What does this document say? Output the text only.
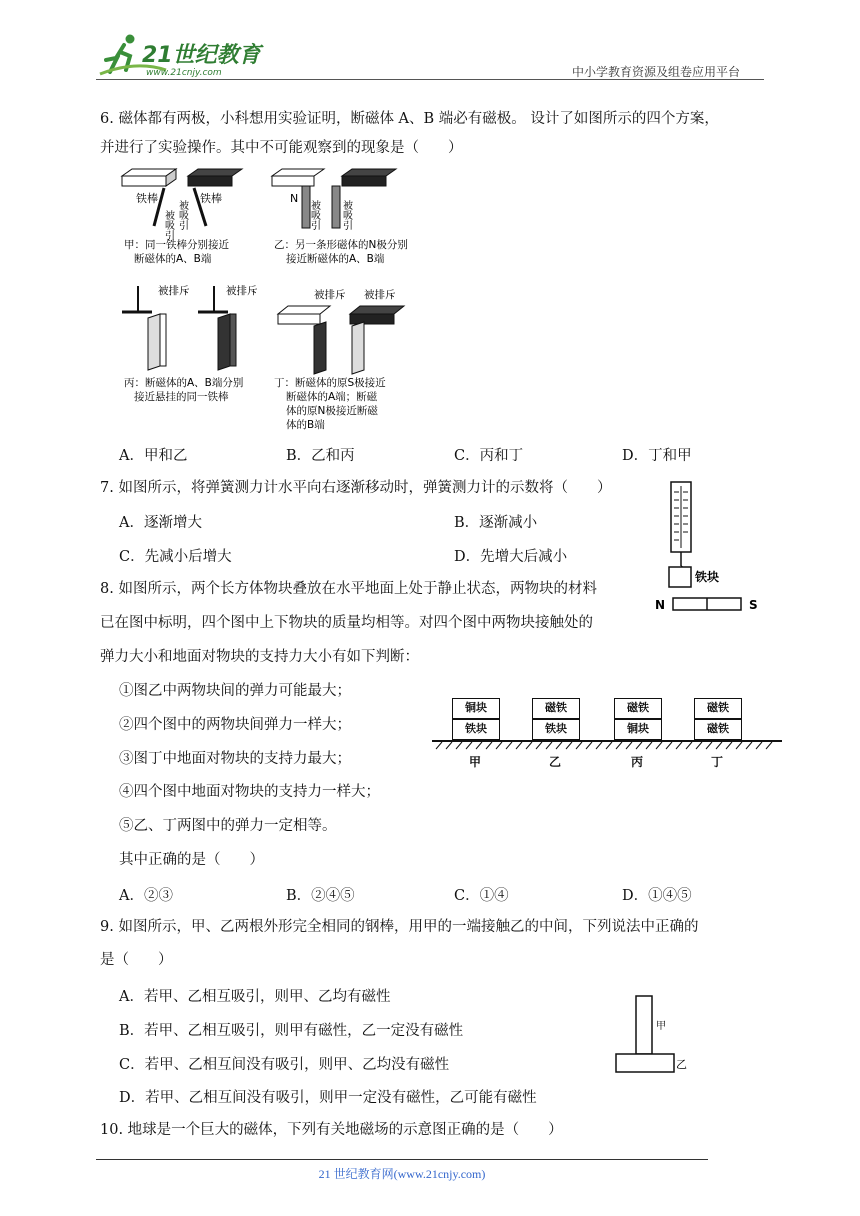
21世纪教育
www.21cnjy.com	中小学教育资源及组卷应用平台
6. 磁体都有两极，小科想用实验证明，断磁体 A、B 端必有磁极。 设计了如图所示的四个方案，
并进行了实验操作。其中不可能观察到的现象是（　　）
铁棒	铁棒
被吸引 被吸引
甲：同一铁棒分别接近
断磁体的A、B端
N
被吸引 被吸引
乙：另一条形磁体的N极分别
接近断磁体的A、B端
被排斥	被排斥
丙：断磁体的A、B端分别
接近悬挂的同一铁棒
被排斥 被排斥
丁：断磁体的原S极接近
断磁体的A端；断磁
体的原N极接近断磁
体的B端
A．甲和乙	B．乙和丙	C．丙和丁	D．丁和甲
7. 如图所示，将弹簧测力计水平向右逐渐移动时，弹簧测力计的示数将（　　）
A．逐渐增大	B．逐渐减小
C．先减小后增大	D．先增大后减小
铁块
N	S
8. 如图所示，两个长方体物块叠放在水平地面上处于静止状态，两物块的材料
已在图中标明，四个图中上下物块的质量均相等。对四个图中两物块接触处的
弹力大小和地面对物块的支持力大小有如下判断：
①图乙中两物块间的弹力可能最大；
②四个图中的两物块间弹力一样大；
③图丁中地面对物块的支持力最大；
④四个图中地面对物块的支持力一样大；
⑤乙、丁两图中的弹力一定相等。
其中正确的是（　　）
A．②③	B．②④⑤	C．①④	D．①④⑤
铜块
铁块
磁铁
铁块
磁铁
铜块
磁铁
磁铁
甲	乙	丙	丁
9. 如图所示，甲、乙两根外形完全相同的钢棒，用甲的一端接触乙的中间，下列说法中正确的
是（　　）
A．若甲、乙相互吸引，则甲、乙均有磁性
B．若甲、乙相互吸引，则甲有磁性，乙一定没有磁性
C．若甲、乙相互间没有吸引，则甲、乙均没有磁性
D．若甲、乙相互间没有吸引，则甲一定没有磁性，乙可能有磁性
甲
乙
10. 地球是一个巨大的磁体，下列有关地磁场的示意图正确的是（　　）
21 世纪教育网(www.21cnjy.com)
